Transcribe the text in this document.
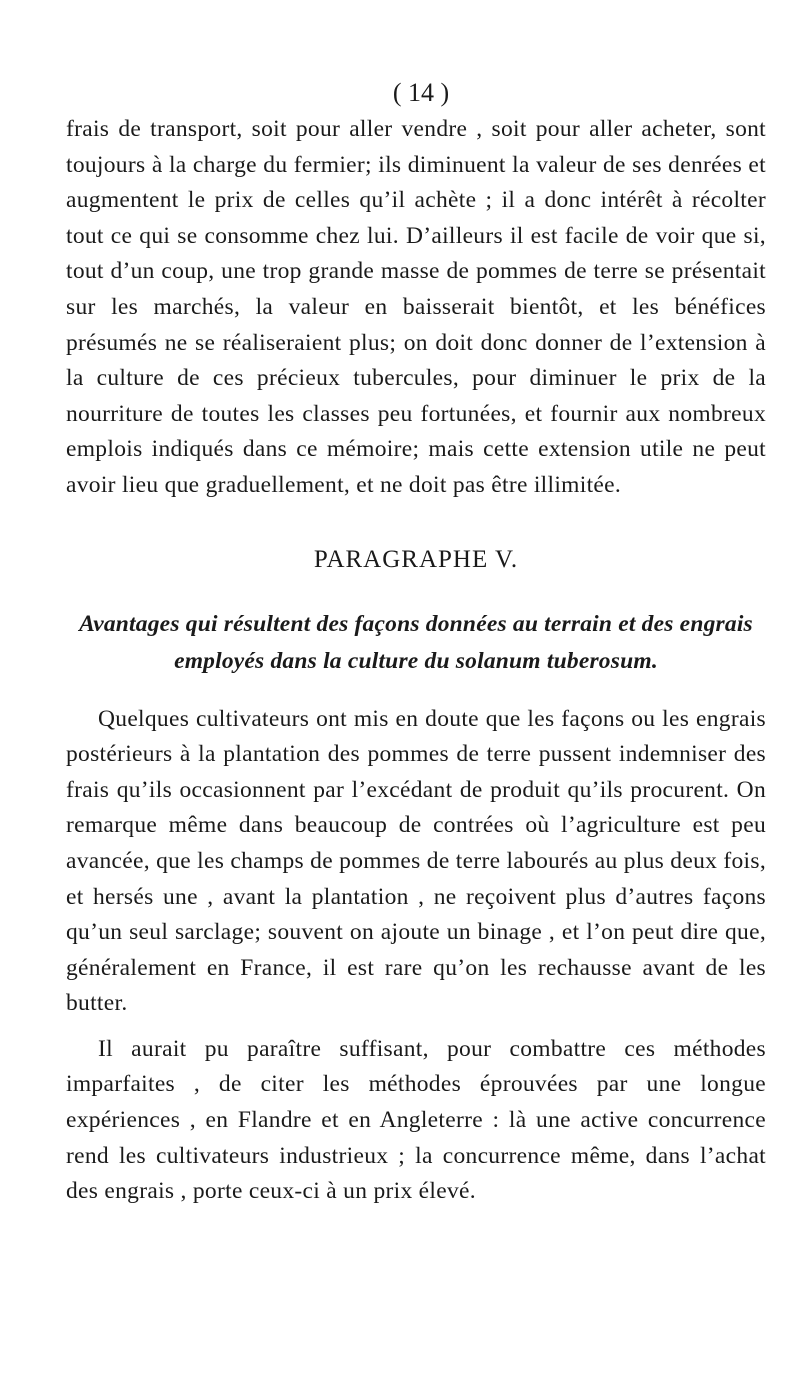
( 14 )

frais de transport, soit pour aller vendre , soit pour aller acheter, sont toujours à la charge du fermier; ils diminuent la valeur de ses denrées et augmentent le prix de celles qu’il achète ; il a donc intérêt à récolter tout ce qui se consomme chez lui. D’ailleurs il est facile de voir que si, tout d’un coup, une trop grande masse de pommes de terre se présentait sur les marchés, la valeur en baisserait bientôt, et les bénéfices présumés ne se réaliseraient plus; on doit donc donner de l’extension à la culture de ces précieux tubercules, pour diminuer le prix de la nourriture de toutes les classes peu fortunées, et fournir aux nombreux emplois indiqués dans ce mémoire; mais cette extension utile ne peut avoir lieu que graduellement, et ne doit pas être illimitée.

PARAGRAPHE V.

Avantages qui résultent des façons données au terrain et des engrais employés dans la culture du solanum tuberosum.

Quelques cultivateurs ont mis en doute que les façons ou les engrais postérieurs à la plantation des pommes de terre pussent indemniser des frais qu’ils occasionnent par l’excédant de produit qu’ils procurent. On remarque même dans beaucoup de contrées où l’agriculture est peu avancée, que les champs de pommes de terre labourés au plus deux fois, et hersés une , avant la plantation , ne reçoivent plus d’autres façons qu’un seul sarclage; souvent on ajoute un binage , et l’on peut dire que, généralement en France, il est rare qu’on les rechausse avant de les butter.

Il aurait pu paraître suffisant, pour combattre ces méthodes imparfaites , de citer les méthodes éprouvées par une longue expériences , en Flandre et en Angleterre : là une active concurrence rend les cultivateurs industrieux ; la concurrence même, dans l’achat des engrais , porte ceux-ci à un prix élevé.
